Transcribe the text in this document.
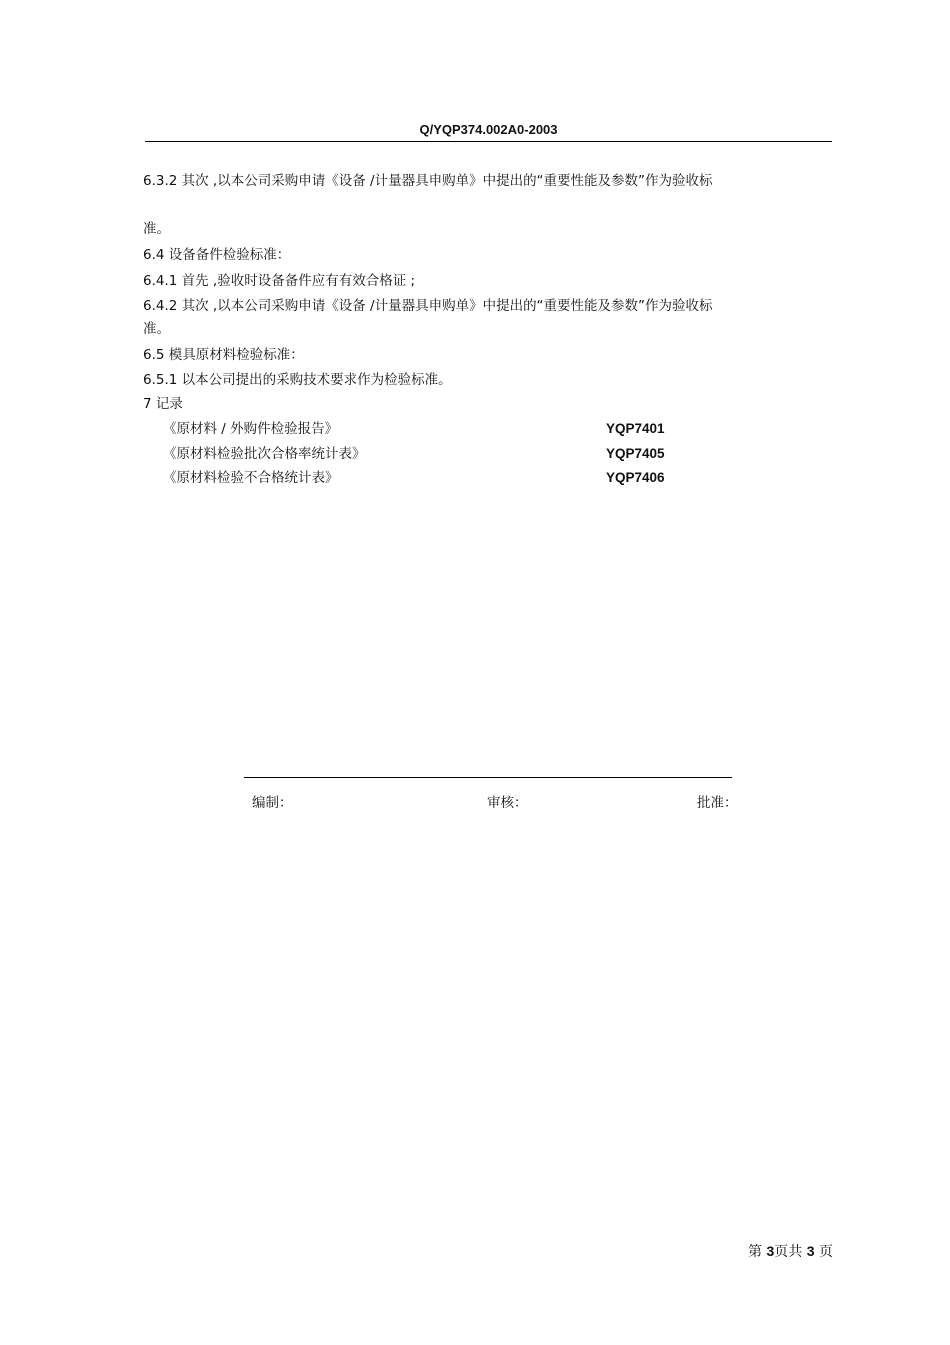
Q/YQP374.002A0-2003
6.3.2 其次 ,以本公司采购申请《设备 /计量器具申购单》中提出的“重要性能及参数”作为验收标
准。
6.4 设备备件检验标准：
6.4.1 首先 ,验收时设备备件应有有效合格证 ;
6.4.2 其次 ,以本公司采购申请《设备 /计量器具申购单》中提出的“重要性能及参数”作为验收标
准。
6.5 模具原材料检验标准：
6.5.1 以本公司提出的采购技术要求作为检验标准。
7 记录
《原材料 / 外购件检验报告》	YQP7401
《原材料检验批次合格率统计表》	YQP7405
《原材料检验不合格统计表》	YQP7406
编制：	审核：	批准：
第 3页共 3 页
